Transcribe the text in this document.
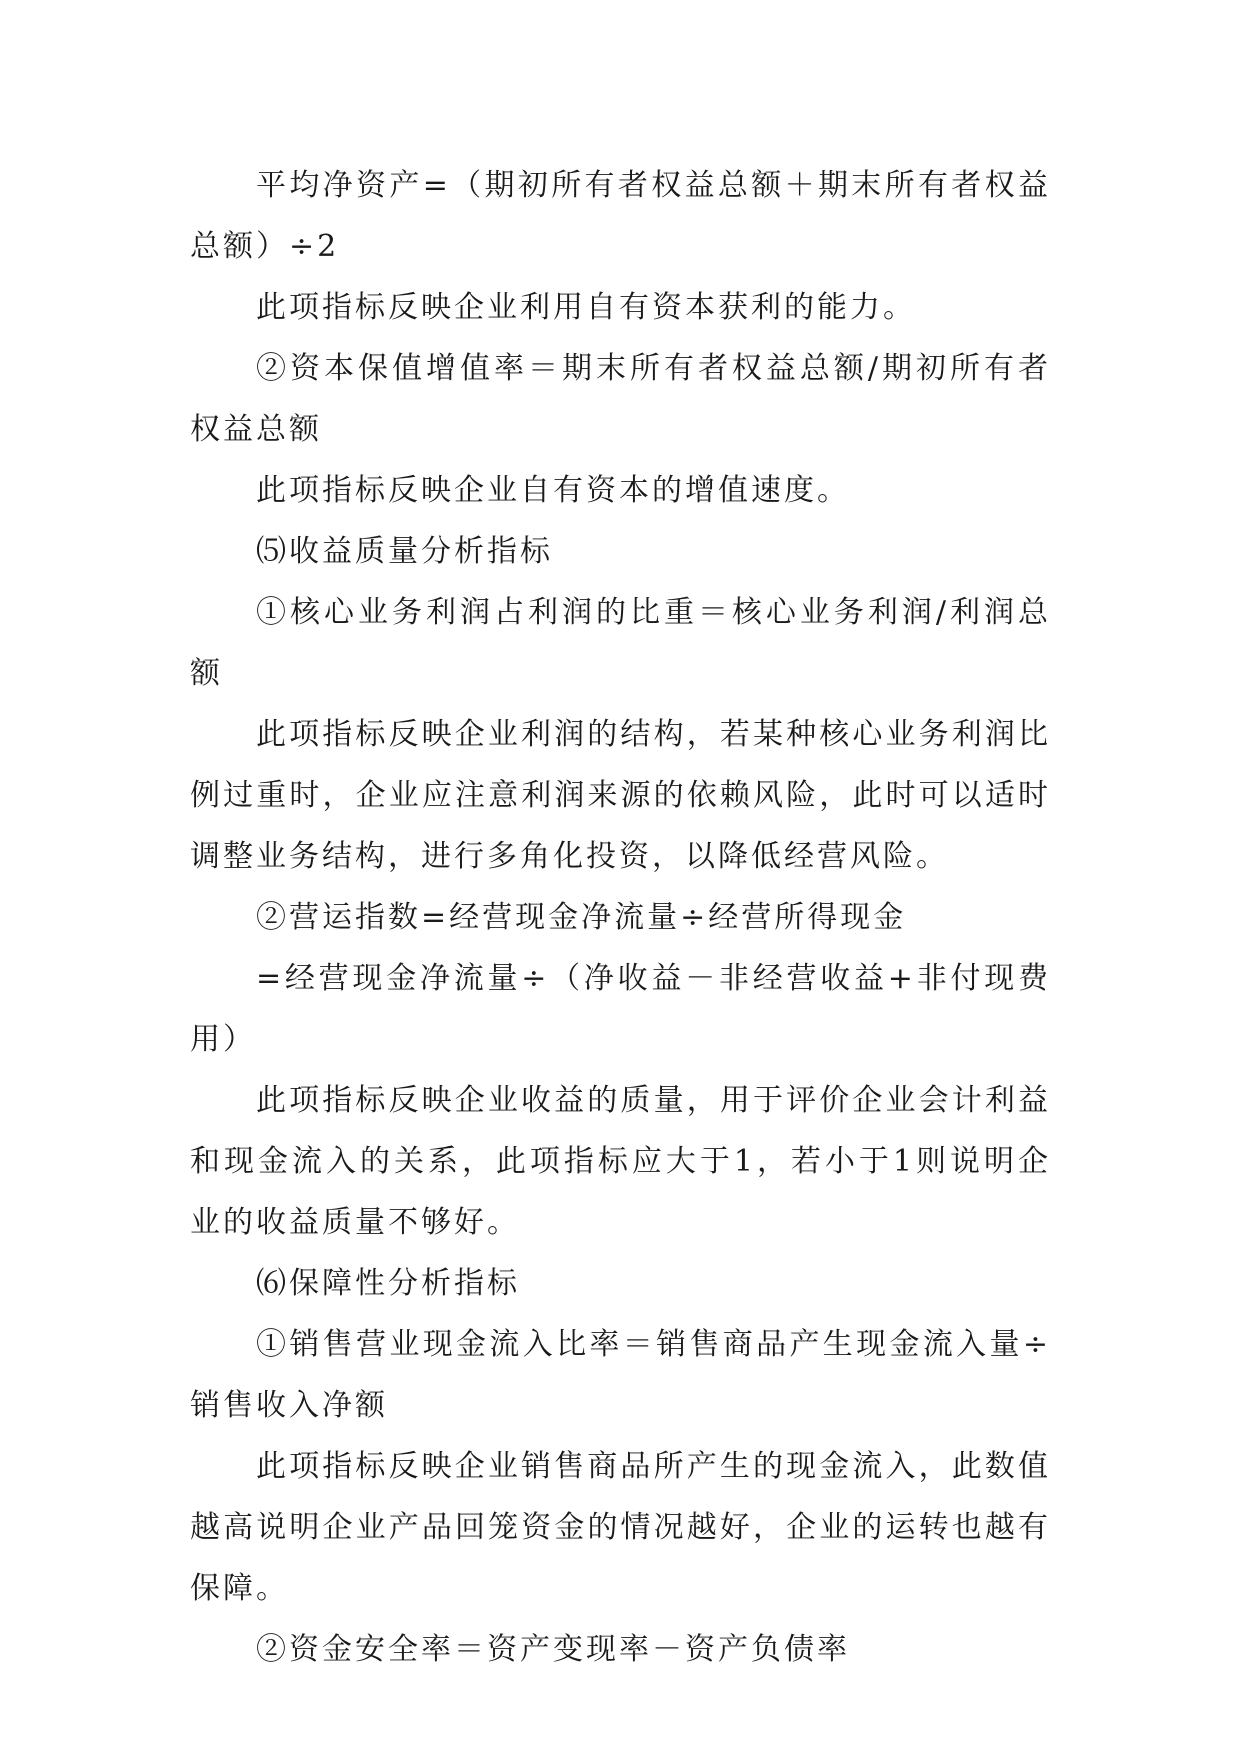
平均净资产=（期初所有者权益总额＋期末所有者权益总额）÷2

此项指标反映企业利用自有资本获利的能力。

②资本保值增值率＝期末所有者权益总额/期初所有者权益总额

此项指标反映企业自有资本的增值速度。

⑸收益质量分析指标

①核心业务利润占利润的比重＝核心业务利润/利润总额

此项指标反映企业利润的结构，若某种核心业务利润比例过重时，企业应注意利润来源的依赖风险，此时可以适时调整业务结构，进行多角化投资，以降低经营风险。

②营运指数=经营现金净流量÷经营所得现金

=经营现金净流量÷（净收益－非经营收益+非付现费用）

此项指标反映企业收益的质量，用于评价企业会计利益和现金流入的关系，此项指标应大于1，若小于1则说明企业的收益质量不够好。

⑹保障性分析指标

①销售营业现金流入比率＝销售商品产生现金流入量÷销售收入净额

此项指标反映企业销售商品所产生的现金流入，此数值越高说明企业产品回笼资金的情况越好，企业的运转也越有保障。

②资金安全率＝资产变现率－资产负债率
